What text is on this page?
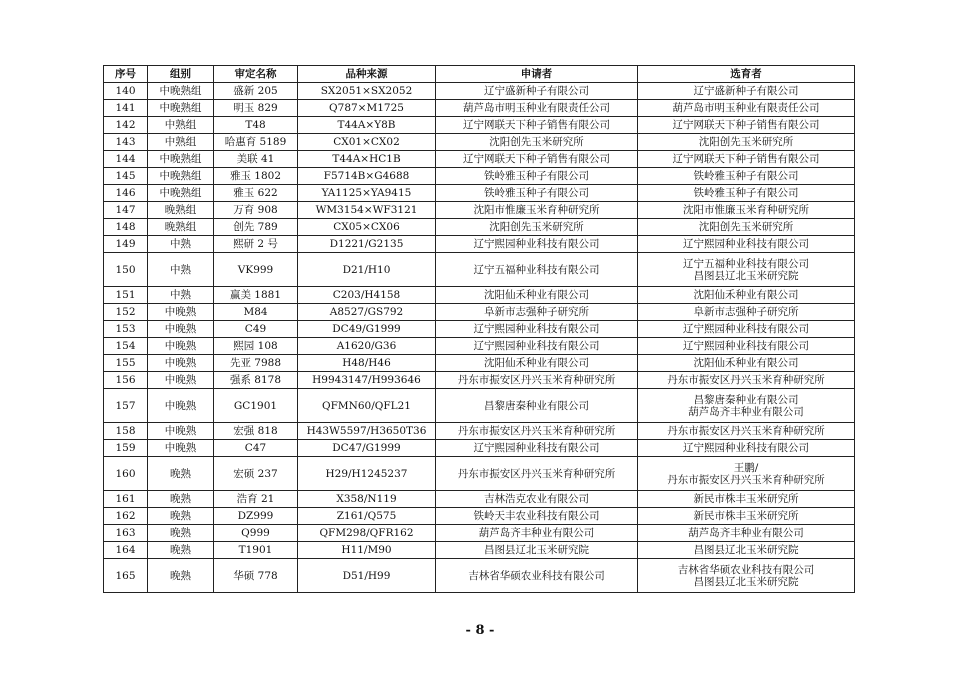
序号	组别	审定名称	品种来源	申请者	选育者
140	中晚熟组	盛新 205	SX2051×SX2052	辽宁盛新种子有限公司	辽宁盛新种子有限公司
141	中晚熟组	明玉 829	Q787×M1725	葫芦岛市明玉种业有限责任公司	葫芦岛市明玉种业有限责任公司
142	中熟组	T48	T44A×Y8B	辽宁网联天下种子销售有限公司	辽宁网联天下种子销售有限公司
143	中熟组	哈惠育 5189	CX01×CX02	沈阳创先玉米研究所	沈阳创先玉米研究所
144	中晚熟组	美联 41	T44A×HC1B	辽宁网联天下种子销售有限公司	辽宁网联天下种子销售有限公司
145	中晚熟组	雅玉 1802	F5714B×G4688	铁岭雅玉种子有限公司	铁岭雅玉种子有限公司
146	中晚熟组	雅玉 622	YA1125×YA9415	铁岭雅玉种子有限公司	铁岭雅玉种子有限公司
147	晚熟组	万育 908	WM3154×WF3121	沈阳市惟廉玉米育种研究所	沈阳市惟廉玉米育种研究所
148	晚熟组	创先 789	CX05×CX06	沈阳创先玉米研究所	沈阳创先玉米研究所
149	中熟	熙研 2 号	D1221/G2135	辽宁熙园种业科技有限公司	辽宁熙园种业科技有限公司
150	中熟	VK999	D21/H10	辽宁五福种业科技有限公司	辽宁五福种业科技有限公司
昌图县辽北玉米研究院
151	中熟	赢美 1881	C203/H4158	沈阳仙禾种业有限公司	沈阳仙禾种业有限公司
152	中晚熟	M84	A8527/GS792	阜新市志强种子研究所	阜新市志强种子研究所
153	中晚熟	C49	DC49/G1999	辽宁熙园种业科技有限公司	辽宁熙园种业科技有限公司
154	中晚熟	熙园 108	A1620/G36	辽宁熙园种业科技有限公司	辽宁熙园种业科技有限公司
155	中晚熟	先亚 7988	H48/H46	沈阳仙禾种业有限公司	沈阳仙禾种业有限公司
156	中晚熟	强系 8178	H9943147/H993646	丹东市振安区丹兴玉米育种研究所	丹东市振安区丹兴玉米育种研究所
157	中晚熟	GC1901	QFMN60/QFL21	昌黎唐秦种业有限公司	昌黎唐秦种业有限公司
葫芦岛齐丰种业有限公司
158	中晚熟	宏强 818	H43W5597/H3650T36	丹东市振安区丹兴玉米育种研究所	丹东市振安区丹兴玉米育种研究所
159	中晚熟	C47	DC47/G1999	辽宁熙园种业科技有限公司	辽宁熙园种业科技有限公司
160	晚熟	宏硕 237	H29/H1245237	丹东市振安区丹兴玉米育种研究所	王鹏/
丹东市振安区丹兴玉米育种研究所
161	晚熟	浩育 21	X358/N119	吉林浩克农业有限公司	新民市株丰玉米研究所
162	晚熟	DZ999	Z161/Q575	铁岭天丰农业科技有限公司	新民市株丰玉米研究所
163	晚熟	Q999	QFM298/QFR162	葫芦岛齐丰种业有限公司	葫芦岛齐丰种业有限公司
164	晚熟	T1901	H11/M90	昌图县辽北玉米研究院	昌图县辽北玉米研究院
165	晚熟	华硕 778	D51/H99	吉林省华硕农业科技有限公司	吉林省华硕农业科技有限公司
昌图县辽北玉米研究院
- 8 -
